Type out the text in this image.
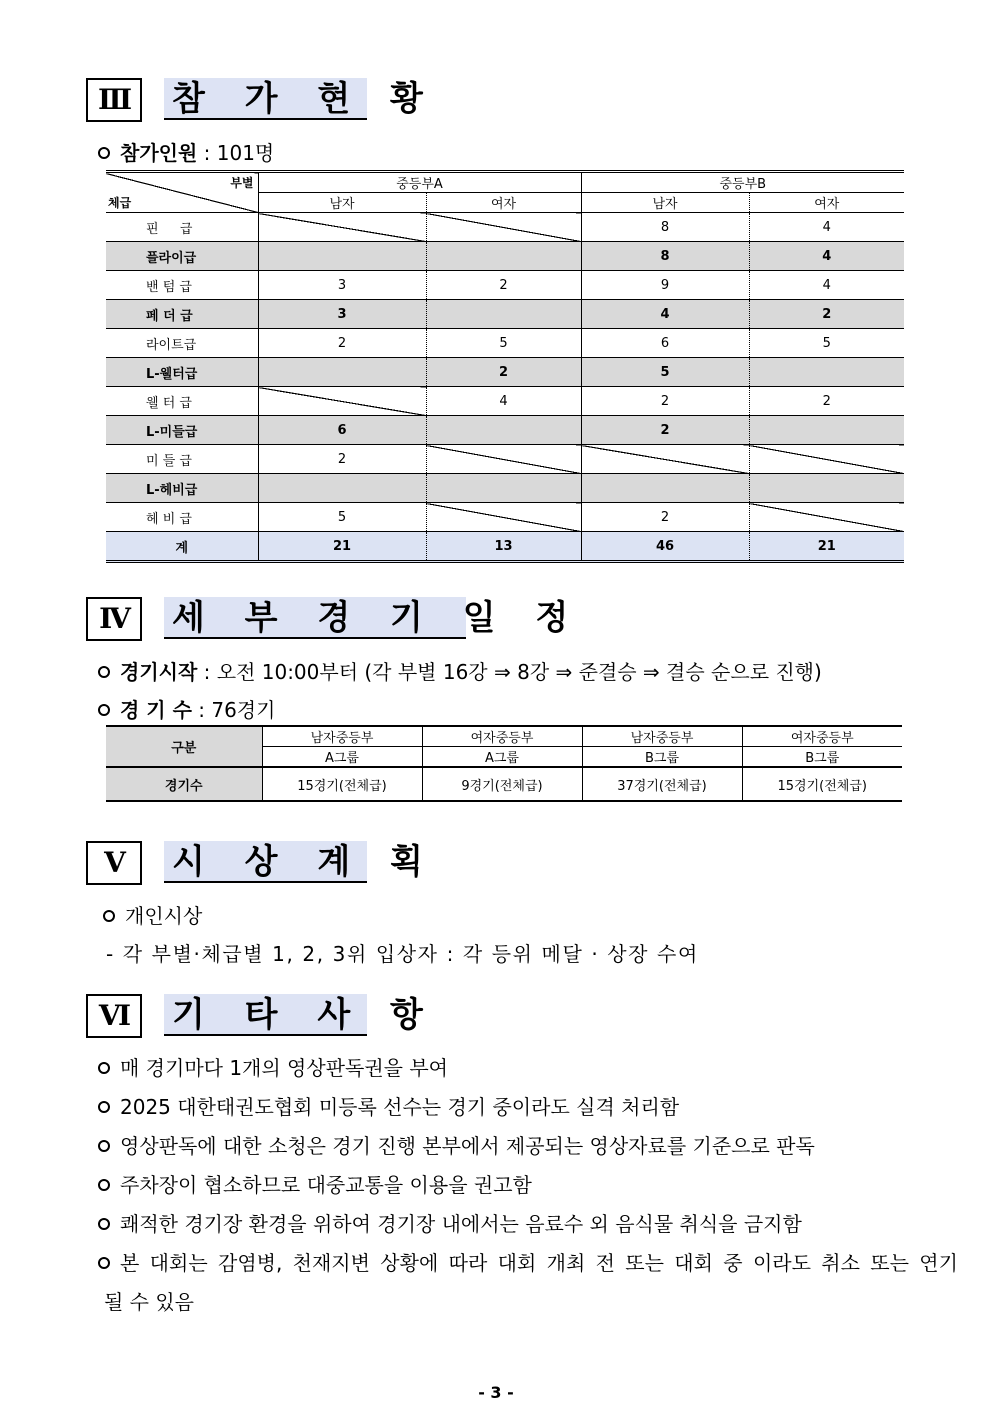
Ⅲ	참 가 현 황
참가인원 : 101명
부별
체급	중등부A		중등부B	
	남자	여자	남자	여자
핀 　 급			8	4
플라이급			8	4
밴 텀 급	3	2	9	4
페 더 급	3		4	2
라이트급	2	5	6	5
L-웰터급		2	5	
웰 터 급		4	2	2
L-미들급	6		2	
미 들 급	2			
L-헤비급				
헤 비 급	5		2	
계	21	13	46	21
Ⅳ	세 부 경 기 일 정
경기시작 : 오전 10:00부터 (각 부별 16강 ⇒ 8강 ⇒ 준결승 ⇒ 결승 순으로 진행)
경 기 수 : 76경기
구분	남자중등부	여자중등부	남자중등부	여자중등부
	A그룹	A그룹	B그룹	B그룹
경기수	15경기(전체급)	9경기(전체급)	37경기(전체급)	15경기(전체급)
Ⅴ	시 상 계 획
개인시상
- 각 부별·체급별 1, 2, 3위 입상자 : 각 등위 메달 · 상장 수여
Ⅵ	기 타 사 항
매 경기마다 1개의 영상판독권을 부여
2025 대한태권도협회 미등록 선수는 경기 중이라도 실격 처리함
영상판독에 대한 소청은 경기 진행 본부에서 제공되는 영상자료를 기준으로 판독
주차장이 협소하므로 대중교통을 이용을 권고함
쾌적한 경기장 환경을 위하여 경기장 내에서는 음료수 외 음식물 취식을 금지함
본 대회는 감염병, 천재지변 상황에 따라 대회 개최 전 또는 대회 중 이라도 취소 또는 연기
될 수 있음
- 3 -
